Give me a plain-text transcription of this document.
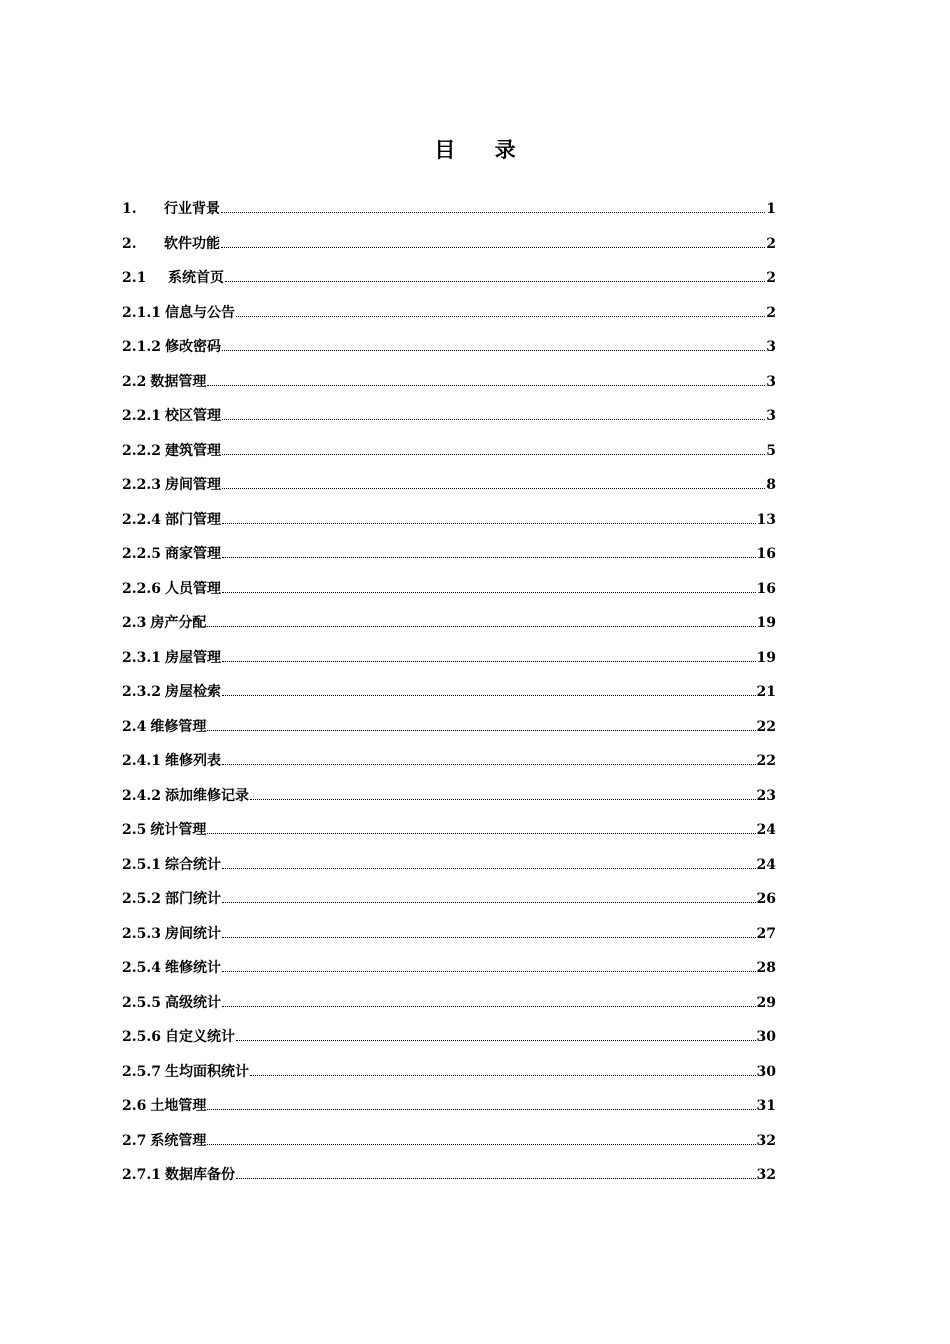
目 录
1.	行业背景	1
2.	软件功能	2
2.1	系统首页	2
2.1.1 信息与公告	2
2.1.2 修改密码	3
2.2 数据管理	3
2.2.1 校区管理	3
2.2.2 建筑管理	5
2.2.3 房间管理	8
2.2.4 部门管理	13
2.2.5 商家管理	16
2.2.6 人员管理	16
2.3 房产分配	19
2.3.1 房屋管理	19
2.3.2 房屋检索	21
2.4 维修管理	22
2.4.1 维修列表	22
2.4.2 添加维修记录	23
2.5 统计管理	24
2.5.1 综合统计	24
2.5.2 部门统计	26
2.5.3 房间统计	27
2.5.4 维修统计	28
2.5.5 高级统计	29
2.5.6 自定义统计	30
2.5.7 生均面积统计	30
2.6 土地管理	31
2.7 系统管理	32
2.7.1 数据库备份	32
